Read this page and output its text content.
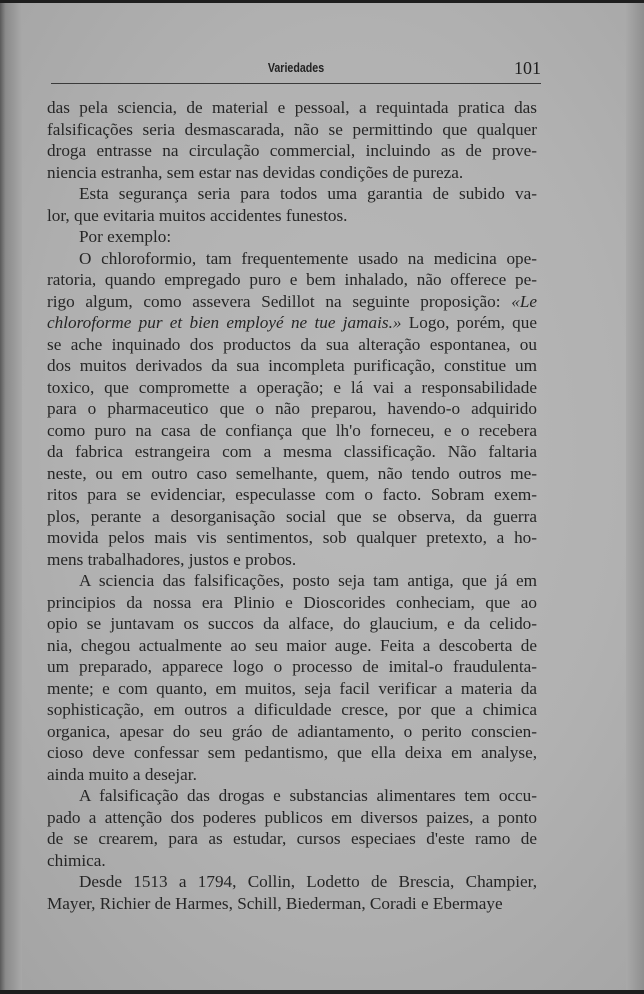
Variedades	101
das pela sciencia, de material e pessoal, a requintada pratica das
falsificações seria desmascarada, não se permittindo que qualquer
droga entrasse na circulação commercial, incluindo as de prove-
niencia estranha, sem estar nas devidas condições de pureza.
Esta segurança seria para todos uma garantia de subido va-
lor, que evitaria muitos accidentes funestos.
Por exemplo:
O chloroformio, tam frequentemente usado na medicina ope-
ratoria, quando empregado puro e bem inhalado, não offerece pe-
rigo algum, como assevera Sedillot na seguinte proposição: «Le
chloroforme pur et bien employé ne tue jamais.» Logo, porém, que
se ache inquinado dos productos da sua alteração espontanea, ou
dos muitos derivados da sua incompleta purificação, constitue um
toxico, que compromette a operação; e lá vai a responsabilidade
para o pharmaceutico que o não preparou, havendo-o adquirido
como puro na casa de confiança que lh'o forneceu, e o recebera
da fabrica estrangeira com a mesma classificação. Não faltaria
neste, ou em outro caso semelhante, quem, não tendo outros me-
ritos para se evidenciar, especulasse com o facto. Sobram exem-
plos, perante a desorganisação social que se observa, da guerra
movida pelos mais vis sentimentos, sob qualquer pretexto, a ho-
mens trabalhadores, justos e probos.
A sciencia das falsificações, posto seja tam antiga, que já em
principios da nossa era Plinio e Dioscorides conheciam, que ao
opio se juntavam os succos da alface, do glaucium, e da celido-
nia, chegou actualmente ao seu maior auge. Feita a descoberta de
um preparado, apparece logo o processo de imital-o fraudulenta-
mente; e com quanto, em muitos, seja facil verificar a materia da
sophisticação, em outros a dificuldade cresce, por que a chimica
organica, apesar do seu gráo de adiantamento, o perito conscien-
cioso deve confessar sem pedantismo, que ella deixa em analyse,
ainda muito a desejar.
A falsificação das drogas e substancias alimentares tem occu-
pado a attenção dos poderes publicos em diversos paizes, a ponto
de se crearem, para as estudar, cursos especiaes d'este ramo de
chimica.
Desde 1513 a 1794, Collin, Lodetto de Brescia, Champier,
Mayer, Richier de Harmes, Schill, Biederman, Coradi e Ebermaye
